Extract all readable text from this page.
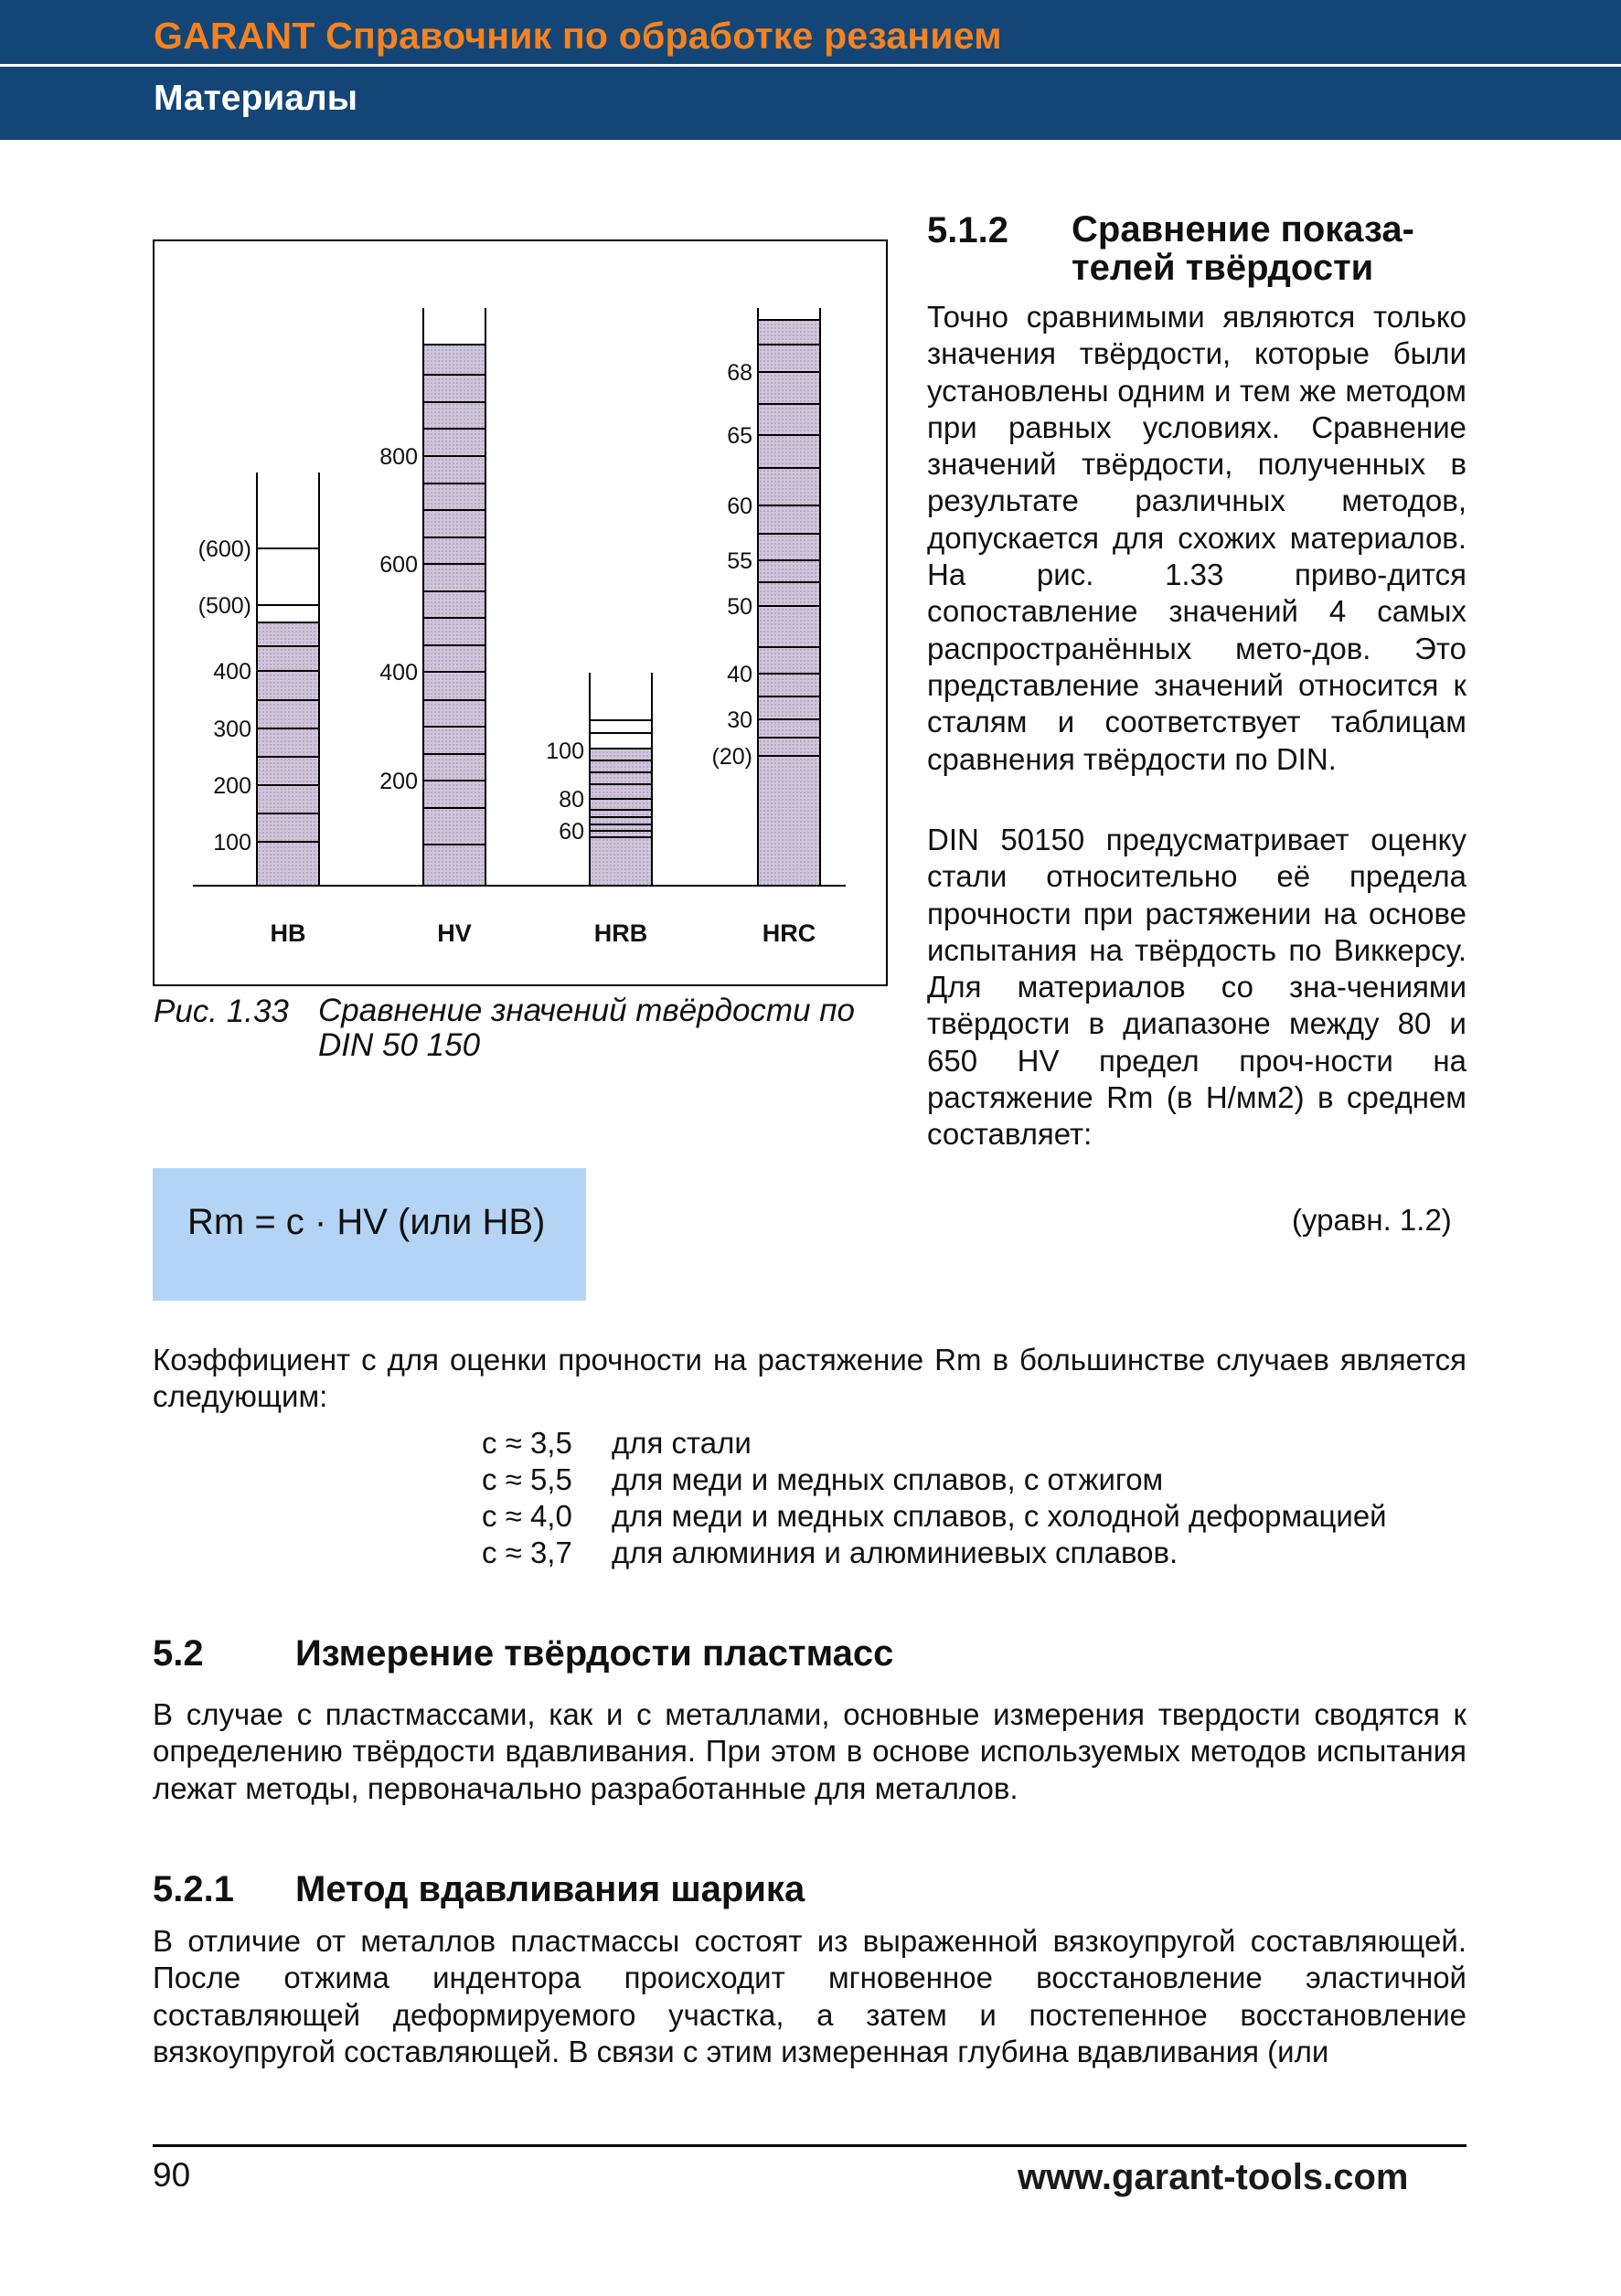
GARANT Справочник по обработке резанием
Материалы
100
200
300
400
(500)
(600)
HB
200
400
600
800
HV
60
80
100
HRB
(20)
30
40
50
55
60
65
68
HRC
Рис. 1.33 Сравнение значений твёрдости по DIN 50 150
5.1.2 Сравнение показа-телей твёрдости
Точно сравнимыми являются только значения твёрдости, которые были установлены одним и тем же методом при равных условиях. Сравнение значений твёрдости, полученных в результате различных методов, допускается для схожих материалов. На рис. 1.33 приво-дится сопоставление значений 4 самых распространённых мето-дов. Это представление значений относится к сталям и соответствует таблицам сравнения твёрдости по DIN.
DIN 50150 предусматривает оценку стали относительно её предела прочности при растяжении на основе испытания на твёрдость по Виккерсу. Для материалов со зна-чениями твёрдости в диапазоне между 80 и 650 HV предел проч-ности на растяжение Rm (в Н/мм2) в среднем составляет:
Rm = c · HV (или HB)	(уравн. 1.2)
Коэффициент c для оценки прочности на растяжение Rm в большинстве случаев является следующим:
c ≈ 3,5 для стали
c ≈ 5,5 для меди и медных сплавов, с отжигом
c ≈ 4,0 для меди и медных сплавов, с холодной деформацией
c ≈ 3,7 для алюминия и алюминиевых сплавов.
5.2	Измерение твёрдости пластмасс
В случае с пластмассами, как и с металлами, основные измерения твердости сводятся к определению твёрдости вдавливания. При этом в основе используемых методов испытания лежат методы, первоначально разработанные для металлов.
5.2.1 Метод вдавливания шарика
В отличие от металлов пластмассы состоят из выраженной вязкоупругой составляющей. После отжима индентора происходит мгновенное восстановление эластичной составляющей деформируемого участка, а затем и постепенное восстановление вязкоупругой составляющей. В связи с этим измеренная глубина вдавливания (или
90	www.garant-tools.com
